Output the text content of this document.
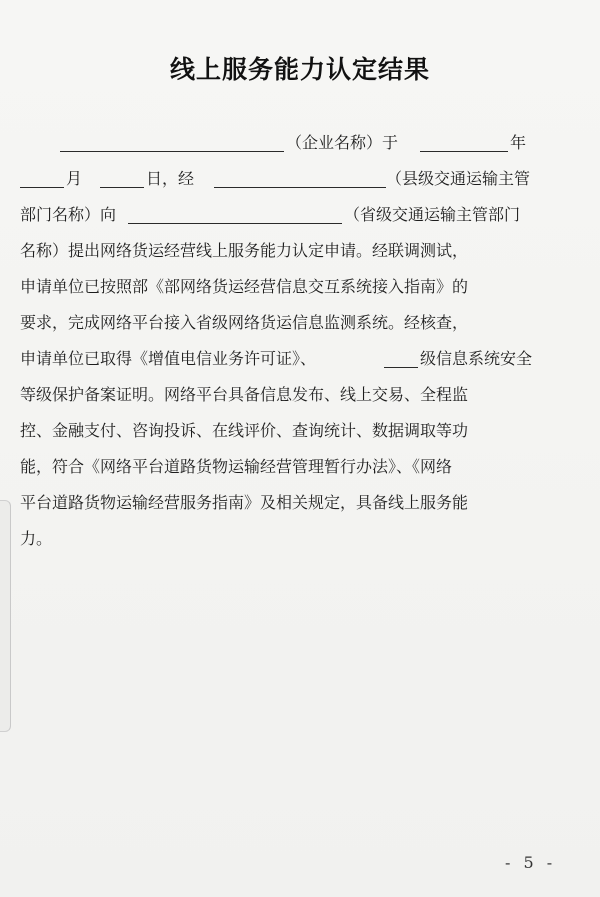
线上服务能力认定结果
（企业名称）于	年
月	日，经	（县级交通运输主管
部门名称）向	（省级交通运输主管部门
名称）提出网络货运经营线上服务能力认定申请。经联调测试，
申请单位已按照部《部网络货运经营信息交互系统接入指南》的
要求，完成网络平台接入省级网络货运信息监测系统。经核查，
申请单位已取得《增值电信业务许可证》、	级信息系统安全
等级保护备案证明。网络平台具备信息发布、线上交易、全程监
控、金融支付、咨询投诉、在线评价、查询统计、数据调取等功
能，符合《网络平台道路货物运输经营管理暂行办法》、《网络
平台道路货物运输经营服务指南》及相关规定，具备线上服务能
力。
- 5 -
